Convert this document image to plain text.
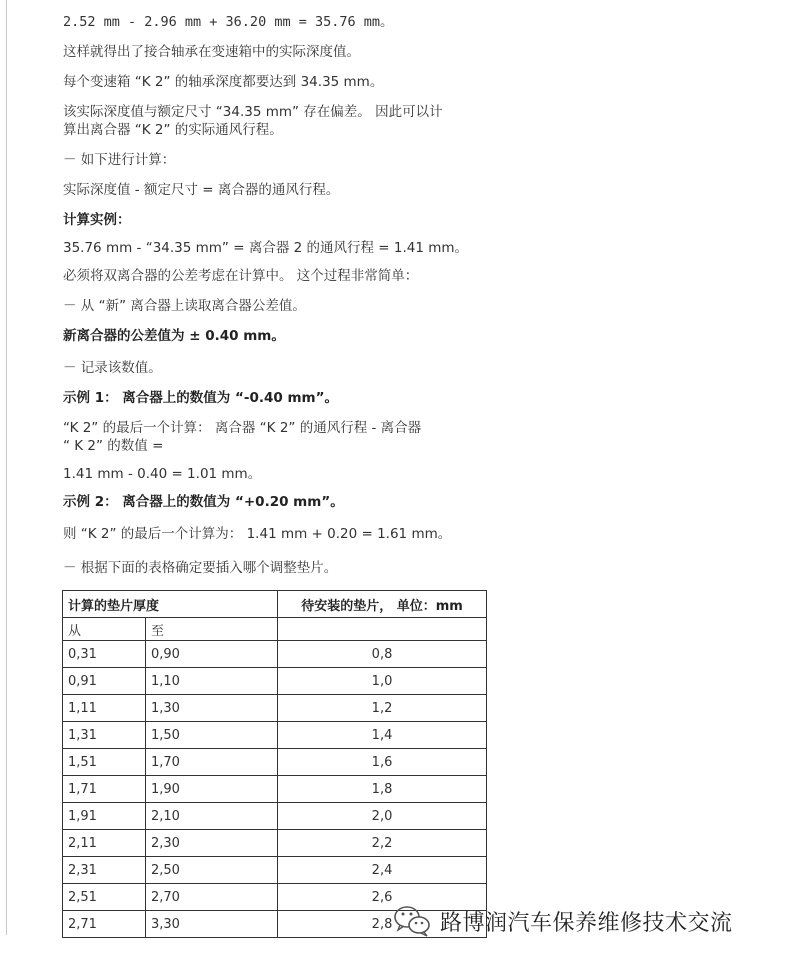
2.52 mm - 2.96 mm + 36.20 mm = 35.76 mm。
这样就得出了接合轴承在变速箱中的实际深度值。
每个变速箱 “K 2” 的轴承深度都要达到 34.35 mm。
该实际深度值与额定尺寸 “34.35 mm” 存在偏差。 因此可以计
算出离合器 “K 2” 的实际通风行程。
－ 如下进行计算：
实际深度值 - 额定尺寸 = 离合器的通风行程。
计算实例：
35.76 mm - “34.35 mm” = 离合器 2 的通风行程 = 1.41 mm。
必须将双离合器的公差考虑在计算中。 这个过程非常简单：
－ 从 “新” 离合器上读取离合器公差值。
新离合器的公差值为 ± 0.40 mm。
－ 记录该数值。
示例 1： 离合器上的数值为 “-0.40 mm”。
“K 2” 的最后一个计算： 离合器 “K 2” 的通风行程 - 离合器
“ K 2” 的数值 =
1.41 mm - 0.40 = 1.01 mm。
示例 2： 离合器上的数值为 “+0.20 mm”。
则 “K 2” 的最后一个计算为： 1.41 mm + 0.20 = 1.61 mm。
－ 根据下面的表格确定要插入哪个调整垫片。
计算的垫片厚度		待安装的垫片， 单位：mm
从	至	
0,31	0,90	0,8
0,91	1,10	1,0
1,11	1,30	1,2
1,31	1,50	1,4
1,51	1,70	1,6
1,71	1,90	1,8
1,91	2,10	2,0
2,11	2,30	2,2
2,31	2,50	2,4
2,51	2,70	2,6
2,71	3,30	2,8 路博润汽车保养维修技术交流
